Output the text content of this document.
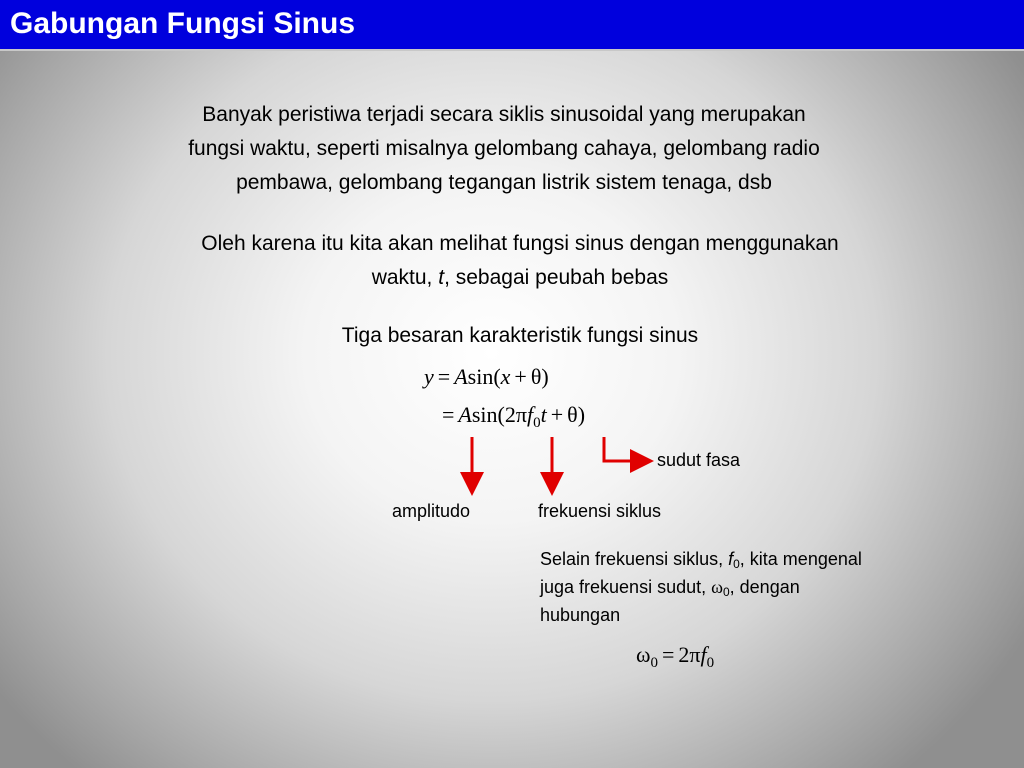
Gabungan Fungsi Sinus
Banyak peristiwa terjadi secara siklis sinusoidal yang merupakan
fungsi waktu, seperti misalnya gelombang cahaya, gelombang radio
pembawa, gelombang tegangan listrik sistem tenaga, dsb
Oleh karena itu kita akan melihat fungsi sinus dengan menggunakan
waktu, t, sebagai peubah bebas
Tiga besaran karakteristik fungsi sinus
y = Asin(x + θ)
= $Asin(2\pi f_0t + \theta)$
sudut fasa
amplitudo	frekuensi siklus
Selain frekuensi siklus, $f_0$, kita mengenal juga frekuensi sudut, $\omega_0$, dengan hubungan
$\omega_0 = 2\pi f_0$
